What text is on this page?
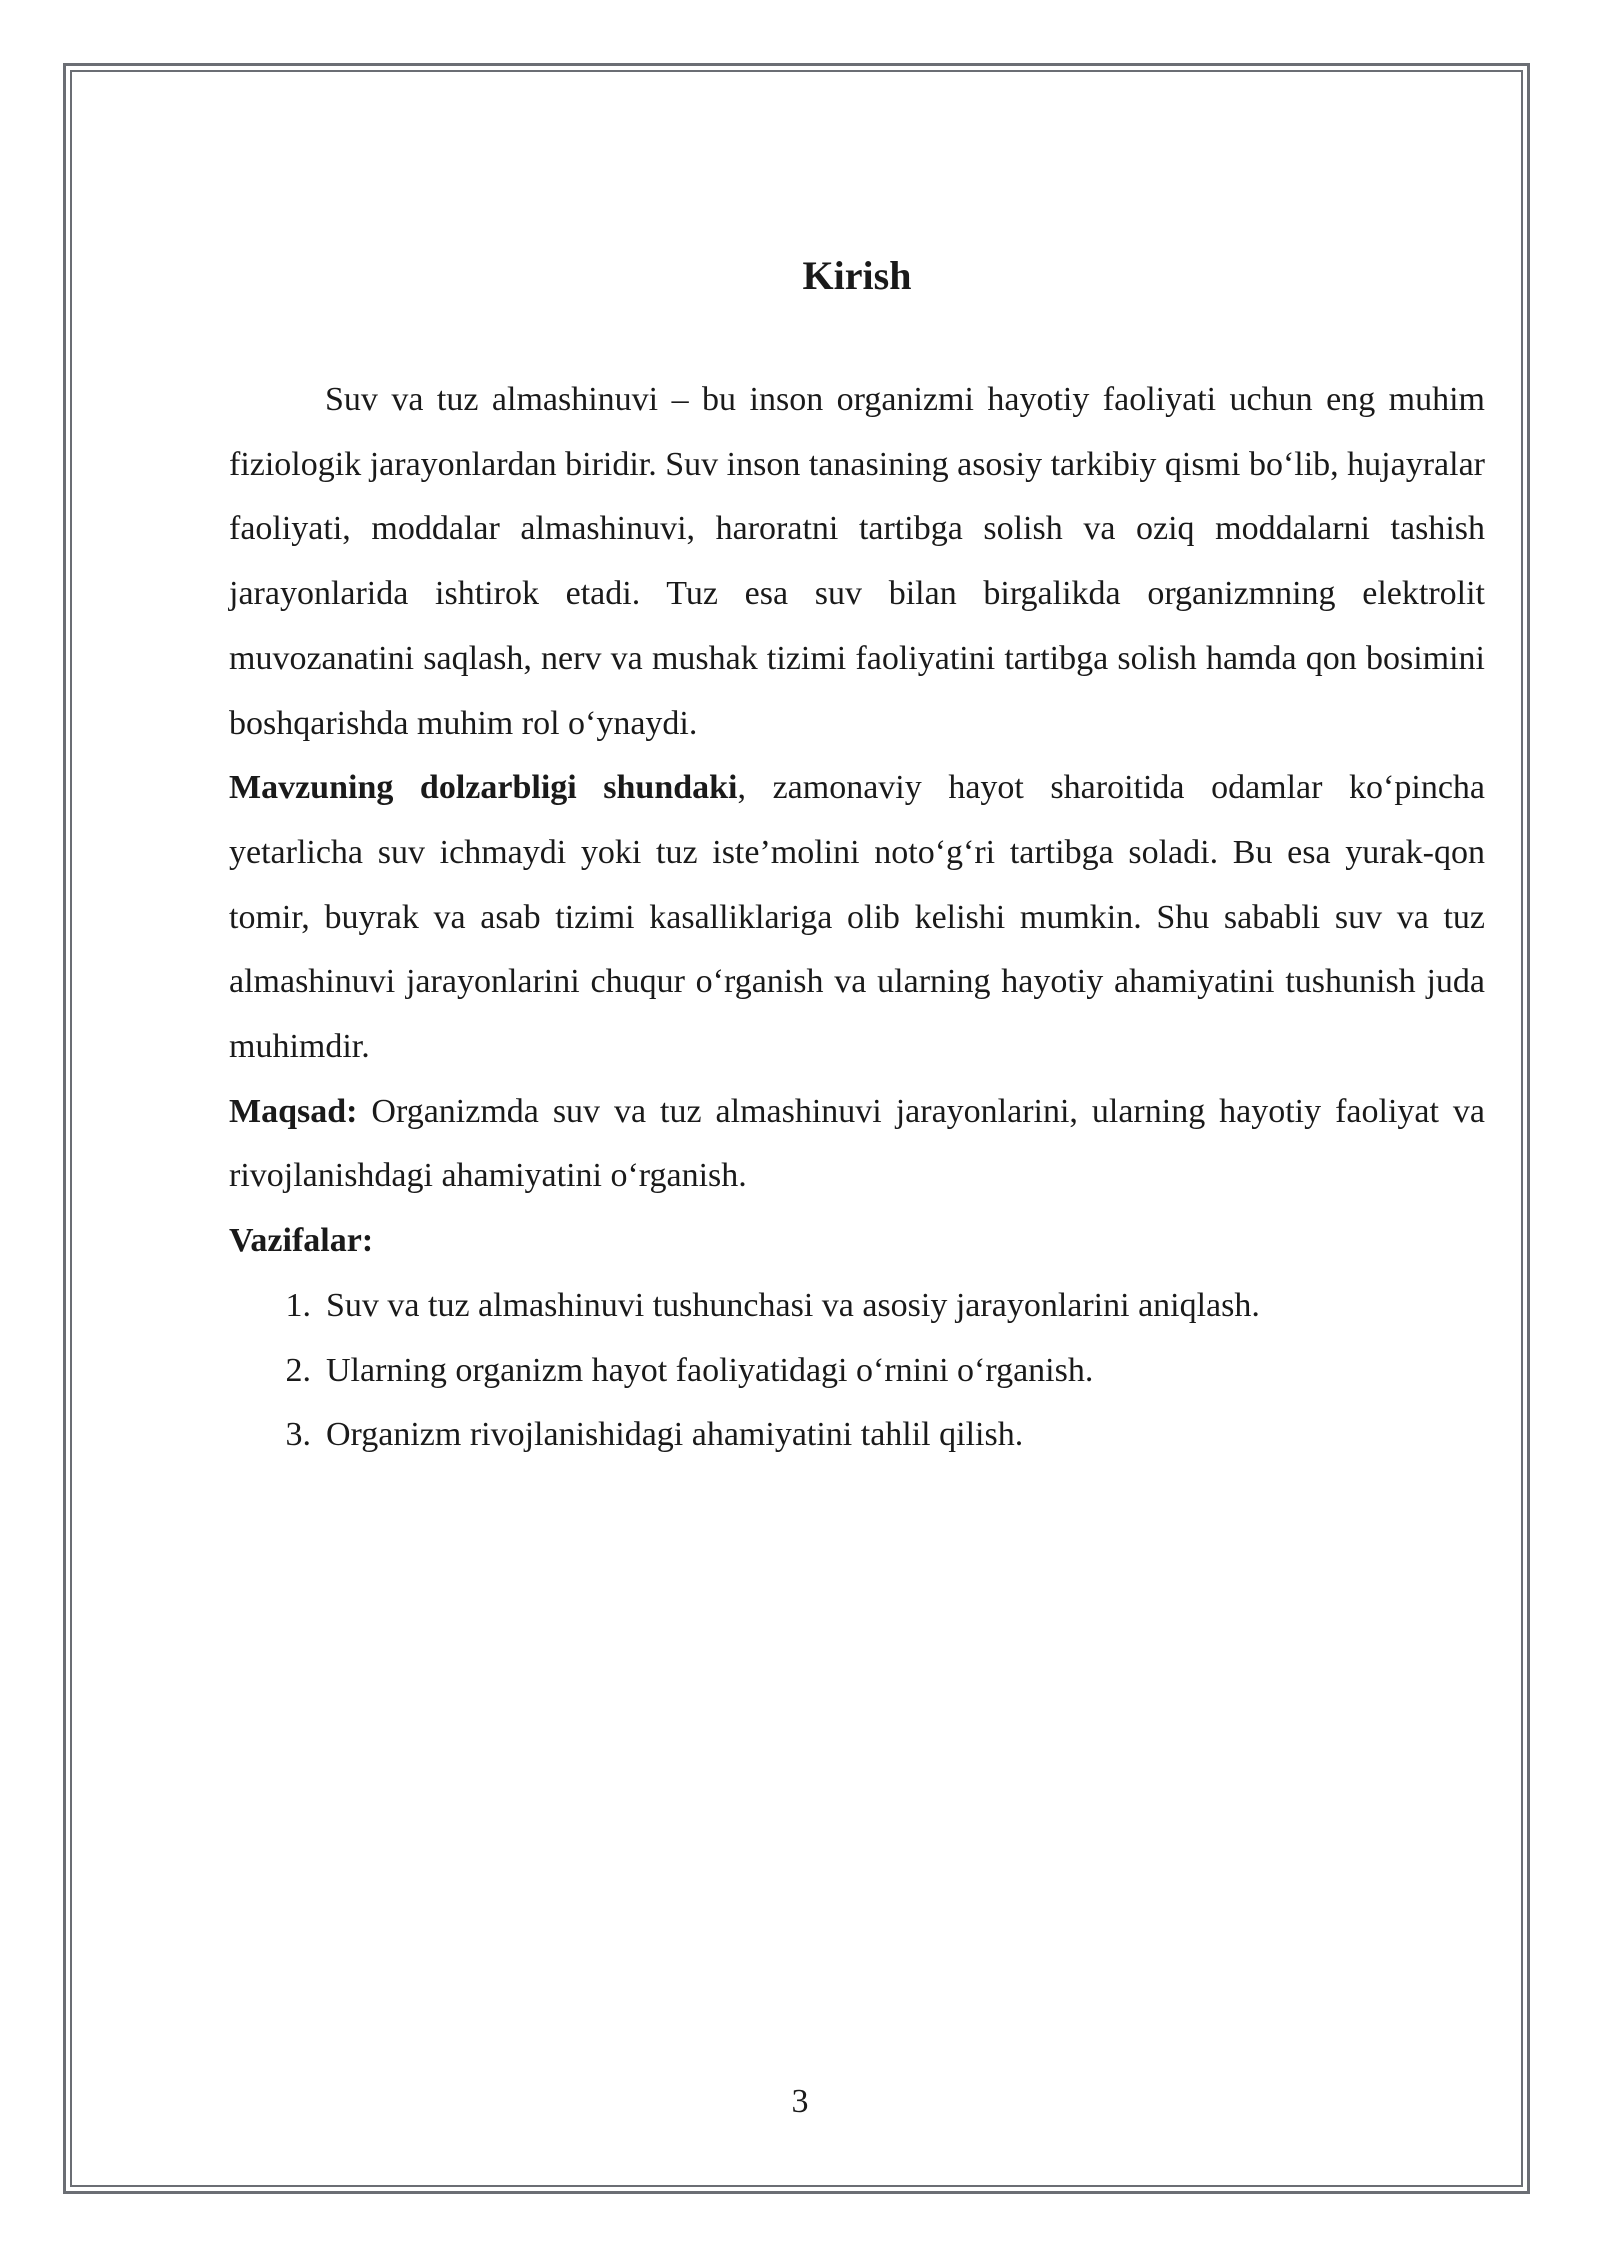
Kirish

Suv va tuz almashinuvi – bu inson organizmi hayotiy faoliyati uchun eng muhim fiziologik jarayonlardan biridir. Suv inson tanasining asosiy tarkibiy qismi bo‘lib, hujayralar faoliyati, moddalar almashinuvi, haroratni tartibga solish va oziq moddalarni tashish jarayonlarida ishtirok etadi. Tuz esa suv bilan birgalikda organizmning elektrolit muvozanatini saqlash, nerv va mushak tizimi faoliyatini tartibga solish hamda qon bosimini boshqarishda muhim rol o‘ynaydi.

Mavzuning dolzarbligi shundaki, zamonaviy hayot sharoitida odamlar ko‘pincha yetarlicha suv ichmaydi yoki tuz iste’molini noto‘g‘ri tartibga soladi. Bu esa yurak-qon tomir, buyrak va asab tizimi kasalliklariga olib kelishi mumkin. Shu sababli suv va tuz almashinuvi jarayonlarini chuqur o‘rganish va ularning hayotiy ahamiyatini tushunish juda muhimdir.

Maqsad: Organizmda suv va tuz almashinuvi jarayonlarini, ularning hayotiy faoliyat va rivojlanishdagi ahamiyatini o‘rganish.

Vazifalar:

1. Suv va tuz almashinuvi tushunchasi va asosiy jarayonlarini aniqlash.
2. Ularning organizm hayot faoliyatidagi o‘rnini o‘rganish.
3. Organizm rivojlanishidagi ahamiyatini tahlil qilish.
3
